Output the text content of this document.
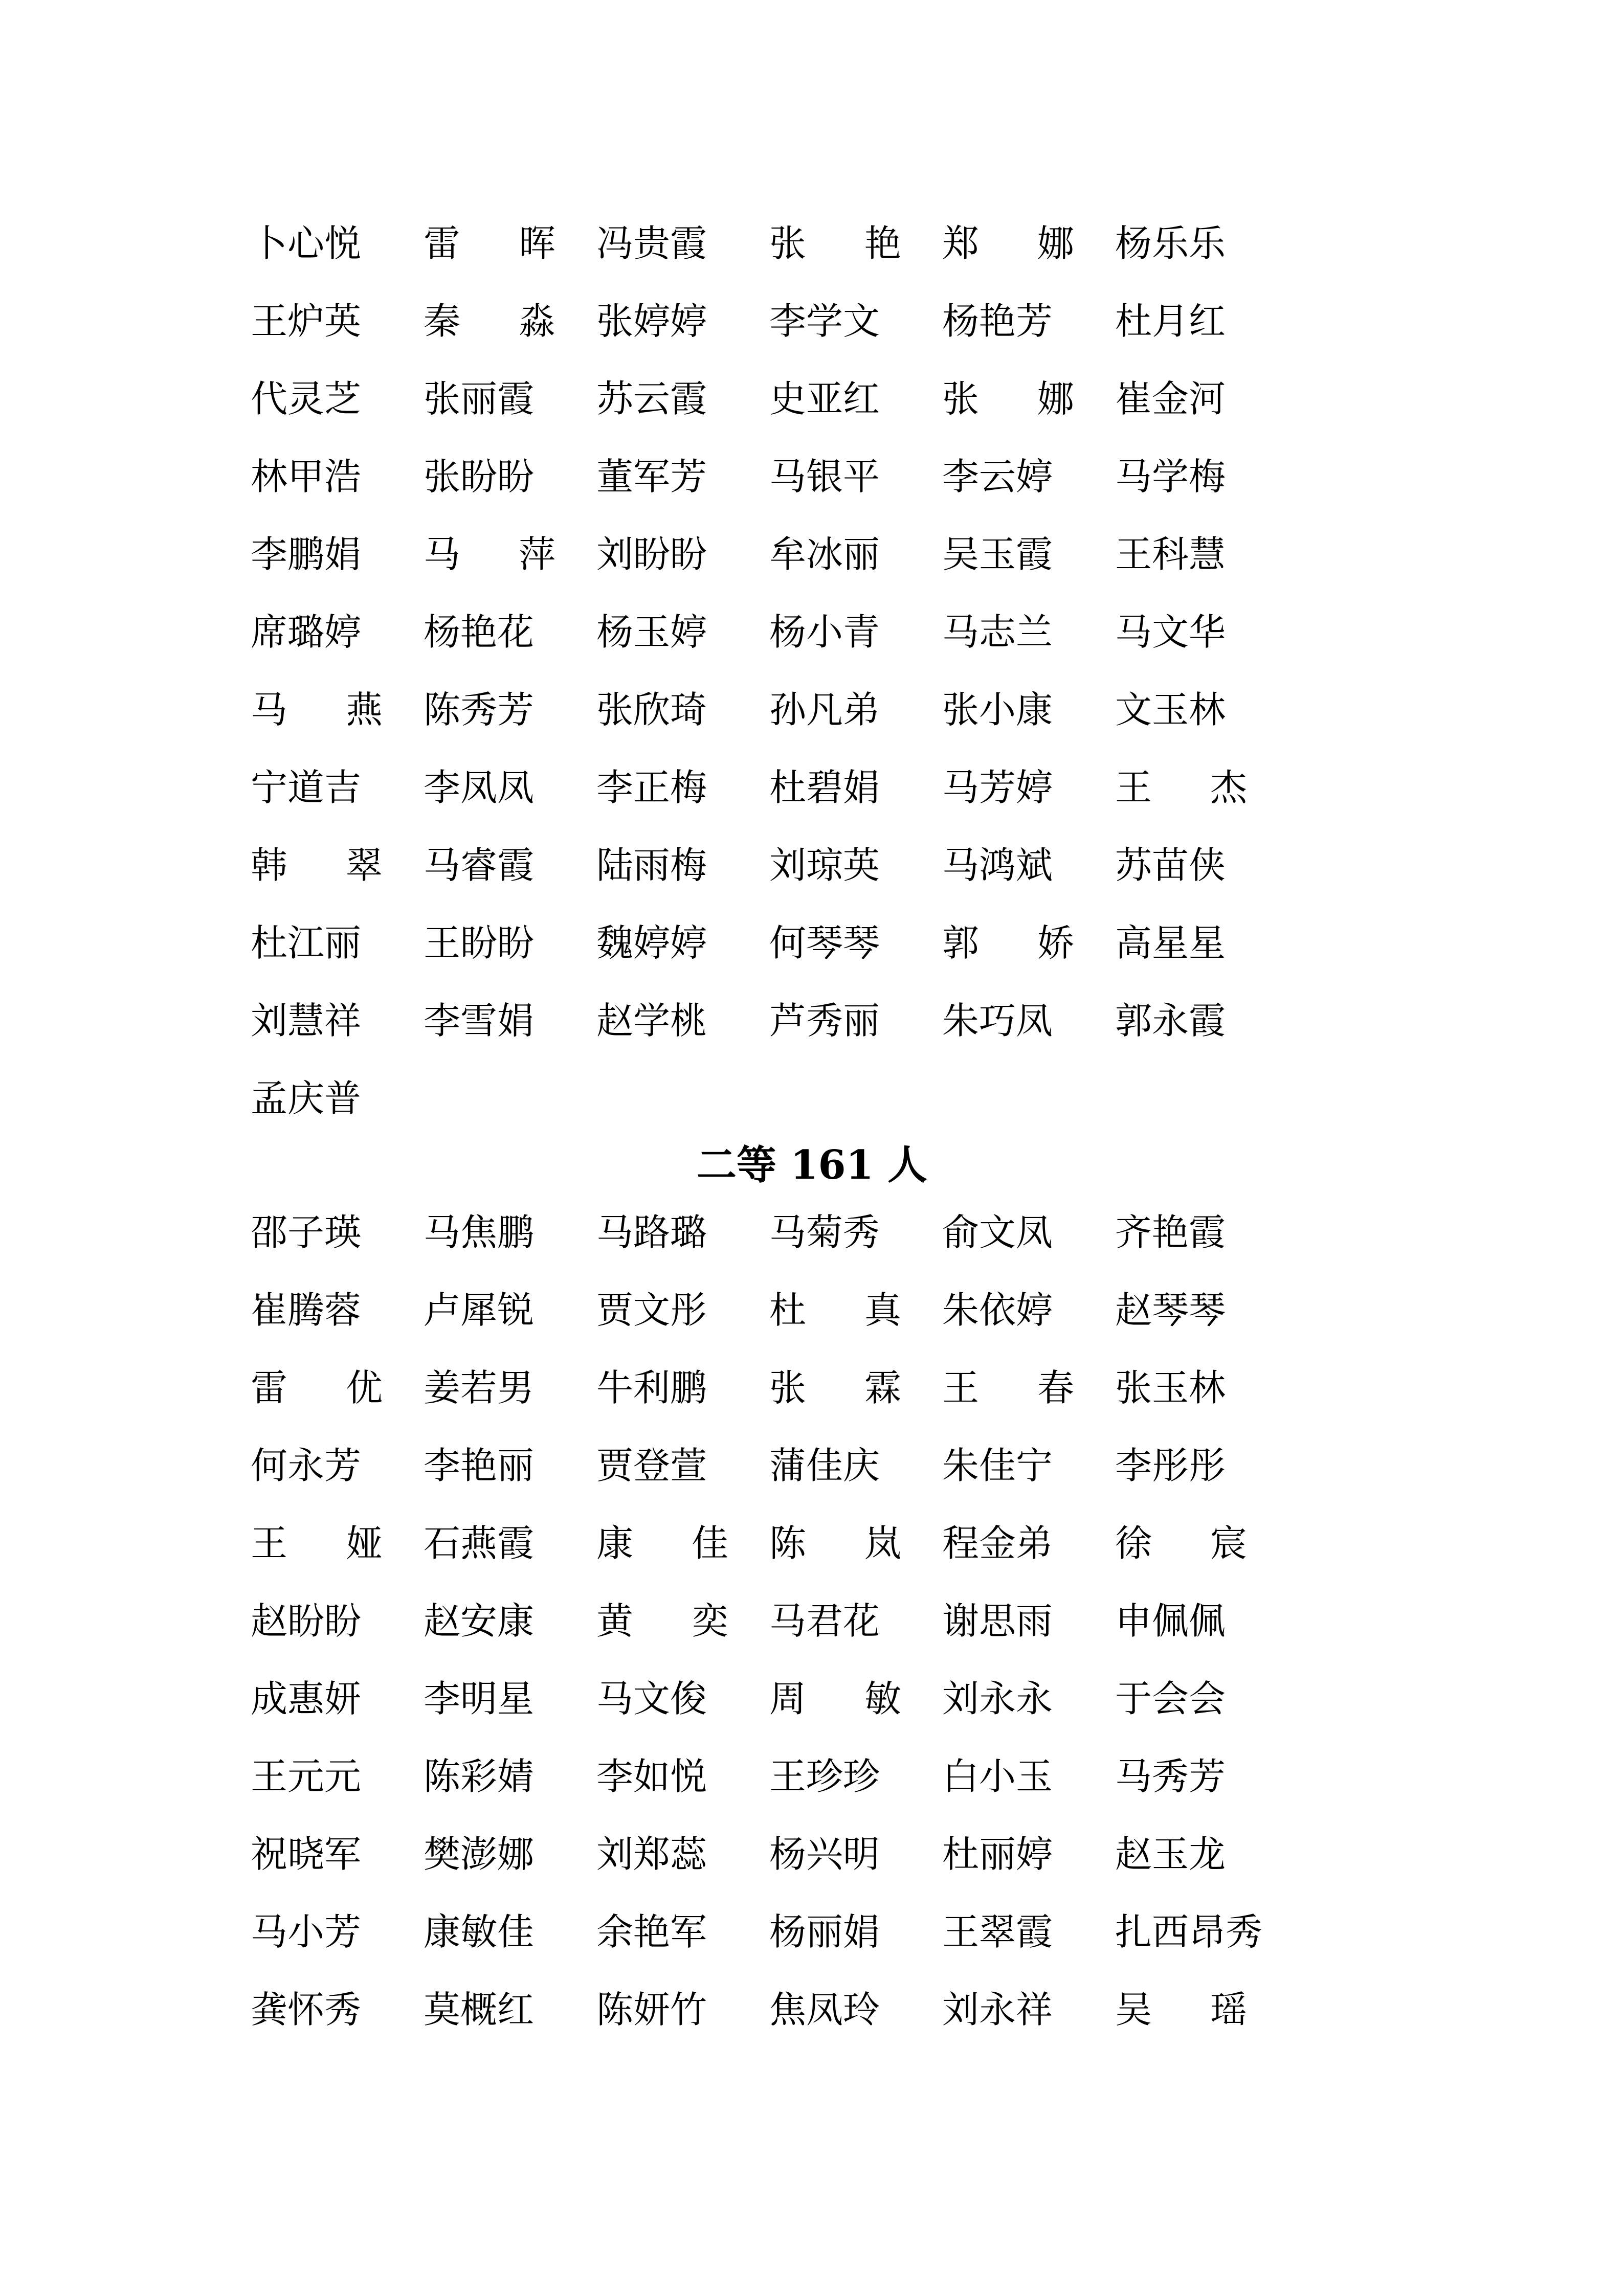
卜 心 悦 雷 晖 冯 贵 霞 张 艳 郑 娜 杨 乐 乐
王 炉 英 秦 淼 张 婷 婷 李 学 文 杨 艳 芳 杜 月 红
代 灵 芝 张 丽 霞 苏 云 霞 史 亚 红 张 娜 崔 金 河
林 甲 浩 张 盼 盼 董 军 芳 马 银 平 李 云 婷 马 学 梅
李 鹏 娟 马 萍 刘 盼 盼 牟 冰 丽 吴 玉 霞 王 科 慧
席 璐 婷 杨 艳 花 杨 玉 婷 杨 小 青 马 志 兰 马 文 华
马 燕 陈 秀 芳 张 欣 琦 孙 凡 弟 张 小 康 文 玉 林
宁 道 吉 李 凤 凤 李 正 梅 杜 碧 娟 马 芳 婷 王 杰
韩 翠 马 睿 霞 陆 雨 梅 刘 琼 英 马 鸿 斌 苏 苗 侠
杜 江 丽 王 盼 盼 魏 婷 婷 何 琴 琴 郭 娇 高 星 星
刘 慧 祥 李 雪 娟 赵 学 桃 芦 秀 丽 朱 巧 凤 郭 永 霞
孟 庆 普
二等 161 人
邵 子 瑛 马 焦 鹏 马 路 璐 马 菊 秀 俞 文 凤 齐 艳 霞
崔 腾 蓉 卢 犀 锐 贾 文 彤 杜 真 朱 依 婷 赵 琴 琴
雷 优 姜 若 男 牛 利 鹏 张 霖 王 春 张 玉 林
何 永 芳 李 艳 丽 贾 登 萱 蒲 佳 庆 朱 佳 宁 李 彤 彤
王 娅 石 燕 霞 康 佳 陈 岚 程 金 弟 徐 宸
赵 盼 盼 赵 安 康 黄 奕 马 君 花 谢 思 雨 申 佩 佩
成 惠 妍 李 明 星 马 文 俊 周 敏 刘 永 永 于 会 会
王 元 元 陈 彩 婧 李 如 悦 王 珍 珍 白 小 玉 马 秀 芳
祝 晓 军 樊 澎 娜 刘 郑 蕊 杨 兴 明 杜 丽 婷 赵 玉 龙
马 小 芳 康 敏 佳 余 艳 军 杨 丽 娟 王 翠 霞 扎 西 昂 秀
龚 怀 秀 莫 概 红 陈 妍 竹 焦 凤 玲 刘 永 祥 吴 瑶
